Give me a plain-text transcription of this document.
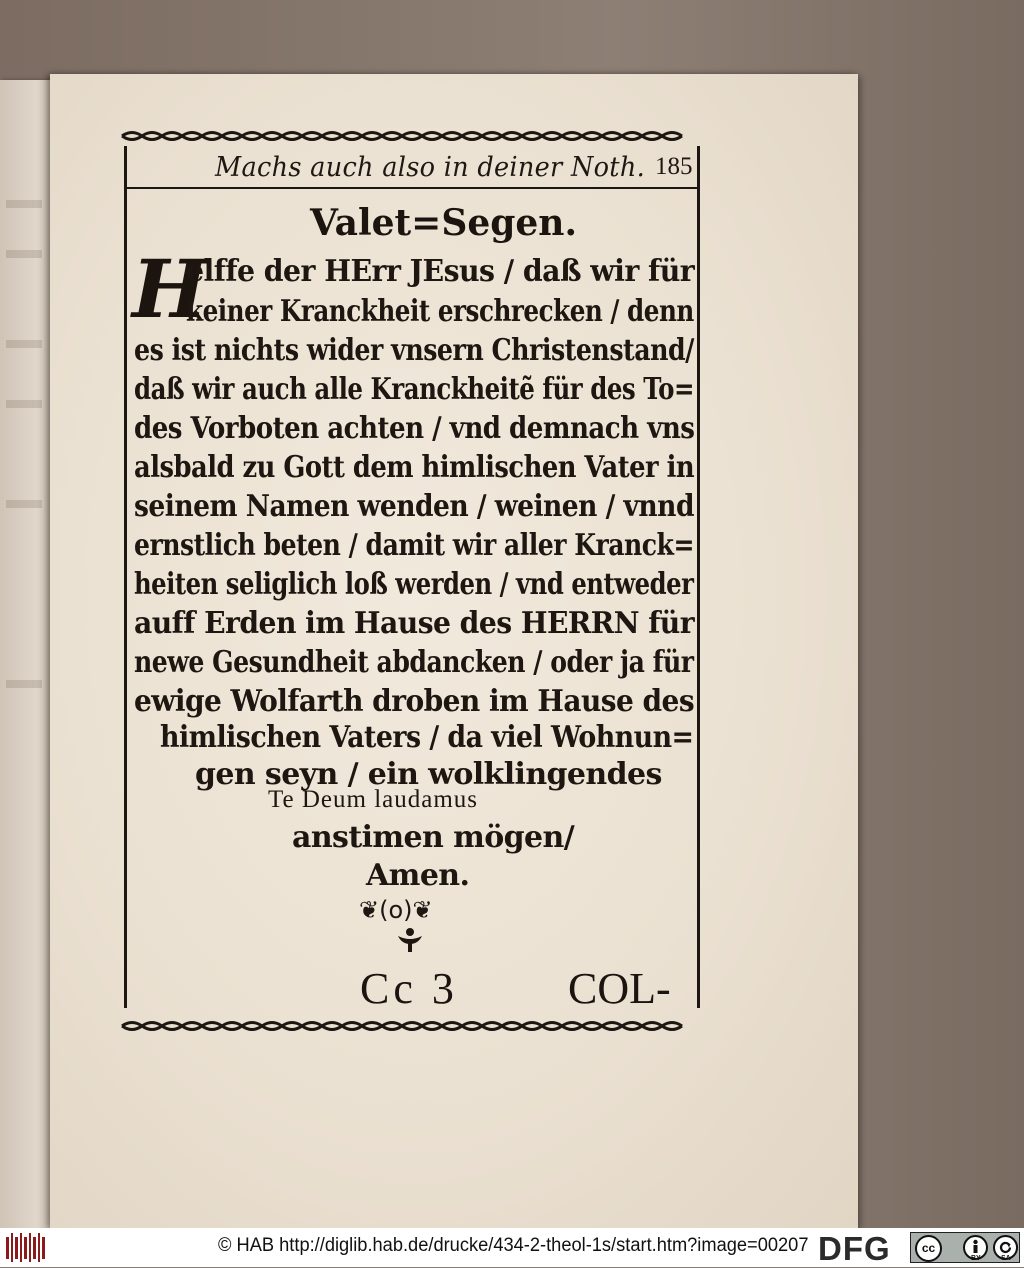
Machs auch also in deiner Noth. 185
Valet=Segen.
H
elffe der HErr JEsus / daß wir für
keiner Kranckheit erschrecken / denn
es ist nichts wider vnsern Christenstand/
daß wir auch alle Kranckheitẽ für des To=
des Vorboten achten / vnd demnach vns
alsbald zu Gott dem himlischen Vater in
seinem Namen wenden / weinen / vnnd
ernstlich beten / damit wir aller Kranck=
heiten seliglich loß werden / vnd entweder
auff Erden im Hause des HERRN für
newe Gesundheit abdancken / oder ja für
ewige Wolfarth droben im Hause des
himlischen Vaters / da viel Wohnun=
gen seyn / ein wolklingendes
Te Deum laudamus
anstimen mögen/
Amen.
❦(o)❦
Cc 3	COL-
© HAB http://diglib.hab.de/drucke/434-2-theol-1s/start.htm?image=00207 DFG	cc
BY	SA
